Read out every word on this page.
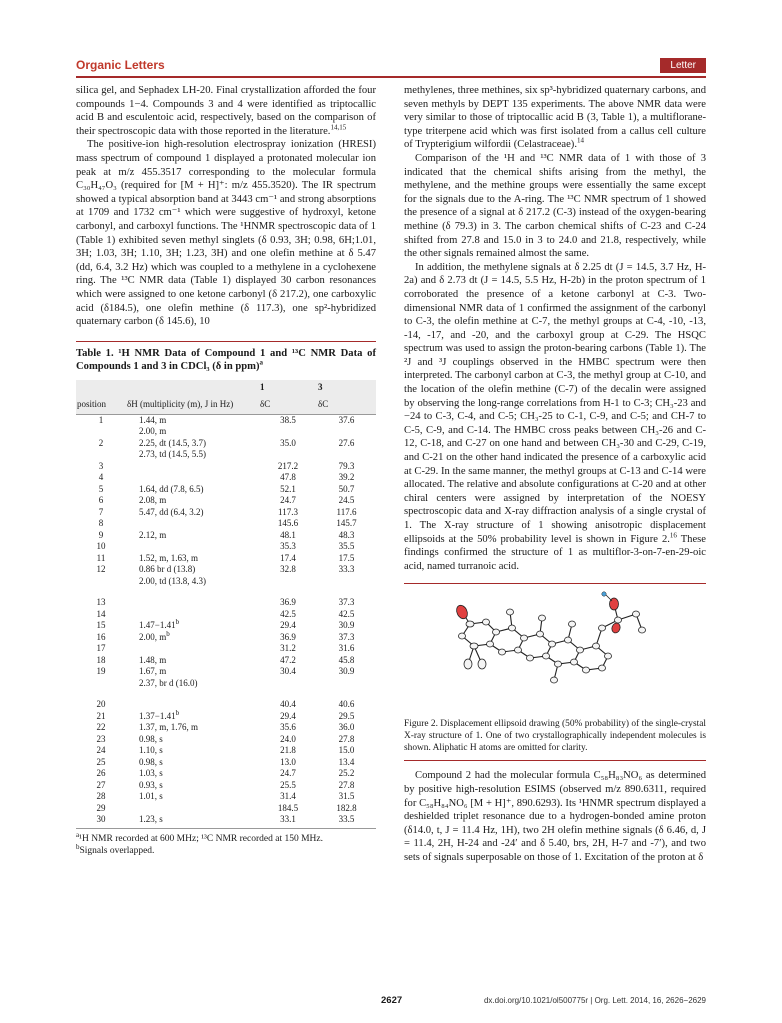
Organic Letters	Letter

silica gel, and Sephadex LH-20. Final crystallization afforded the four compounds 1−4. Compounds 3 and 4 were identified as triptocallic acid B and esculentoic acid, respectively, based on the comparison of their spectroscopic data with those reported in the literature.$^{14,15}$

The positive-ion high-resolution electrospray ionization (HRESI) mass spectrum of compound 1 displayed a protonated molecular ion peak at m/z 455.3517 corresponding to the molecular formula C₃₀H₄₇O₃ (required for [M + H]⁺: m/z 455.3520). The IR spectrum showed a typical absorption band at 3443 cm⁻¹ and strong absorptions at 1709 and 1732 cm⁻¹ which were suggestive of hydroxyl, ketone carbonyl, and carboxyl functions. The ¹HNMR spectroscopic data of 1 (Table 1) exhibited seven methyl singlets (δ 0.93, 3H; 0.98, 6H;1.01, 3H; 1.03, 3H; 1.10, 3H; 1.23, 3H) and one olefin methine at δ 5.47 (dd, 6.4, 3.2 Hz) which was coupled to a methylene in a cyclohexene ring. The ¹³C NMR data (Table 1) displayed 30 carbon resonances which were assigned to one ketone carbonyl (δ 217.2), one carboxylic acid (δ184.5), one olefin methine (δ 117.3), one sp²-hybridized quaternary carbon (δ 145.6), 10

Table 1. ¹H NMR Data of Compound 1 and ¹³C NMR Data of Compounds 1 and 3 in CDCl₃ (δ in ppm)$^a$
		1	3
position	δH (multiplicity (m), J in Hz)	δC	δC
1	1.44, m	38.5	37.6
	2.00, m		
2	2.25, dt (14.5, 3.7)	35.0	27.6
	2.73, td (14.5, 5.5)		
3		217.2	79.3
4		47.8	39.2
5	1.64, dd (7.8, 6.5)	52.1	50.7
6	2.08, m	24.7	24.5
7	5.47, dd (6.4, 3.2)	117.3	117.6
8		145.6	145.7
9	2.12, m	48.1	48.3
10		35.3	35.5
11	1.52, m, 1.63, m	17.4	17.5
12	0.86 br d (13.8)	32.8	33.3
	2.00, td (13.8, 4.3)		

13		36.9	37.3
14		42.5	42.5
15	1.47−1.41$^b$	29.4	30.9
16	2.00, $m^b$	36.9	37.3
17		31.2	31.6
18	1.48, m	47.2	45.8
19	1.67, m	30.4	30.9
	2.37, br d (16.0)		

20		40.4	40.6
21	1.37−1.41$^b$	29.4	29.5
22	1.37, m, 1.76, m	35.6	36.0
23	0.98, s	24.0	27.8
24	1.10, s	21.8	15.0
25	0.98, s	13.0	13.4
26	1.03, s	24.7	25.2
27	0.93, s	25.5	27.8
28	1.01, s	31.4	31.5
29		184.5	182.8
30	1.23, s	33.1	33.5
$^a$¹H NMR recorded at 600 MHz; ¹³C NMR recorded at 150 MHz.
$^b$Signals overlapped.

methylenes, three methines, six sp³-hybridized quaternary carbons, and seven methyls by DEPT 135 experiments. The above NMR data were very similar to those of triptocallic acid B (3, Table 1), a multiflorane-type triterpene acid which was first isolated from a callus cell culture of Trypterigium wilfordii (Celastraceae).$^{14}$

Comparison of the ¹H and ¹³C NMR data of 1 with those of 3 indicated that the chemical shifts arising from the methyl, the methylene, and the methine groups were essentially the same except for the signals due to the A-ring. The ¹³C NMR spectrum of 1 showed the presence of a signal at δ 217.2 (C-3) instead of the oxygen-bearing methine (δ 79.3) in 3. The carbon chemical shifts of C-23 and C-24 shifted from 27.8 and 15.0 in 3 to 24.0 and 21.8, respectively, while the other signals remained almost the same.

In addition, the methylene signals at δ 2.25 dt (J = 14.5, 3.7 Hz, H-2a) and δ 2.73 dt (J = 14.5, 5.5 Hz, H-2b) in the proton spectrum of 1 corroborated the presence of a ketone carbonyl at C-3. Two-dimensional NMR data of 1 confirmed the assignment of the carbonyl to C-3, the olefin methine at C-7, the methyl groups at C-4, -10, -13, -14, -17, and -20, and the carboxyl group at C-29. The HSQC spectrum was used to assign the proton-bearing carbons (Table 1). The ²J and ³J couplings observed in the HMBC spectrum were then interpreted. The carbonyl carbon at C-3, the methyl group at C-10, and the location of the olefin methine (C-7) of the decalin were assigned by observing the long-range correlations from H-1 to C-3; CH₃-23 and −24 to C-3, C-4, and C-5; CH₃-25 to C-1, C-9, and C-5; and CH-7 to C-5, C-9, and C-14. The HMBC cross peaks between CH₃-26 and C-12, C-18, and C-27 on one hand and between CH₃-30 and C-29, C-19, and C-21 on the other hand indicated the presence of a carboxylic acid at C-29. In the same manner, the methyl groups at C-13 and C-14 were allocated. The relative and absolute configurations at C-20 and at other chiral centers were assigned by interpretation of the NOESY spectroscopic data and X-ray diffraction analysis of a single crystal of 1. The X-ray structure of 1 showing anisotropic displacement ellipsoids at the 50% probability level is shown in Figure 2.16 These findings confirmed the structure of 1 as multiflor-3-on-7-en-29-oic acid, named turranoic acid.

Figure 2. Displacement ellipsoid drawing (50% probability) of the single-crystal X-ray structure of 1. One of two crystallographically independent molecules is shown. Aliphatic H atoms are omitted for clarity.

Compound 2 had the molecular formula C₅₈H₈₃NO₆ as determined by positive high-resolution ESIMS (observed m/z 890.6311, required for C₅₈H₈₄NO₆ [M + H]⁺, 890.6293). Its ¹HNMR spectrum displayed a deshielded triplet resonance due to a hydrogen-bonded amine proton (δ14.0, t, J = 11.4 Hz, 1H), two 2H olefin methine signals (δ 6.46, d, J = 11.4, 2H, H-24 and -24′ and δ 5.40, brs, 2H, H-7 and -7′), and two sets of signals superposable on those of 1. Excitation of the proton at δ

2627	dx.doi.org/10.1021/ol500775r | Org. Lett. 2014, 16, 2626−2629
